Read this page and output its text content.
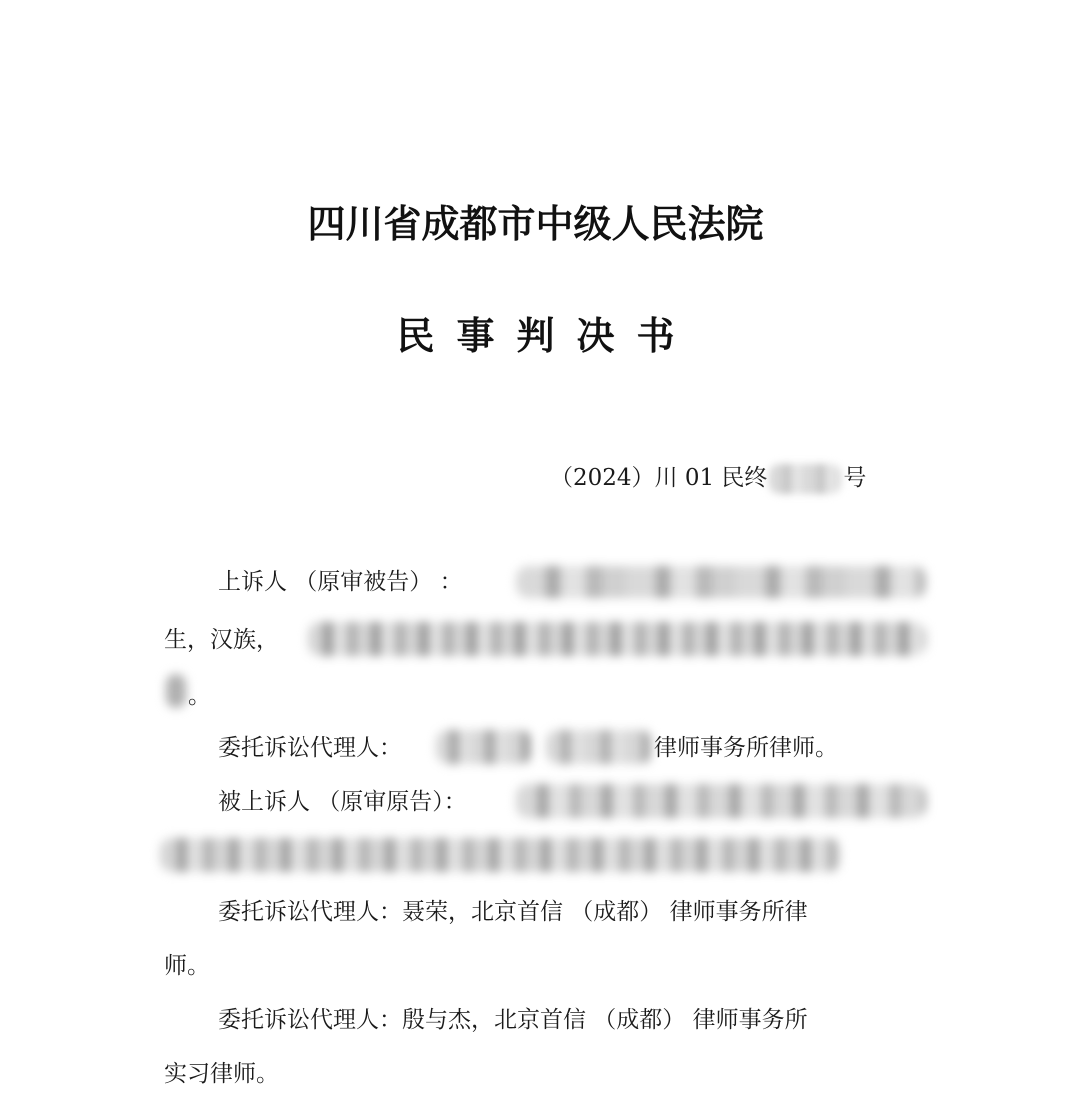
四川省成都市中级人民法院
民事判决书
（2024）川 01 民终	号
上诉人 （原审被告） ：
生，汉族，
。
委托诉讼代理人：	律师事务所律师。
被上诉人 （原审原告）：
委托诉讼代理人：聂荣，北京首信 （成都） 律师事务所律
师。
委托诉讼代理人：殷与杰，北京首信 （成都） 律师事务所
实习律师。
